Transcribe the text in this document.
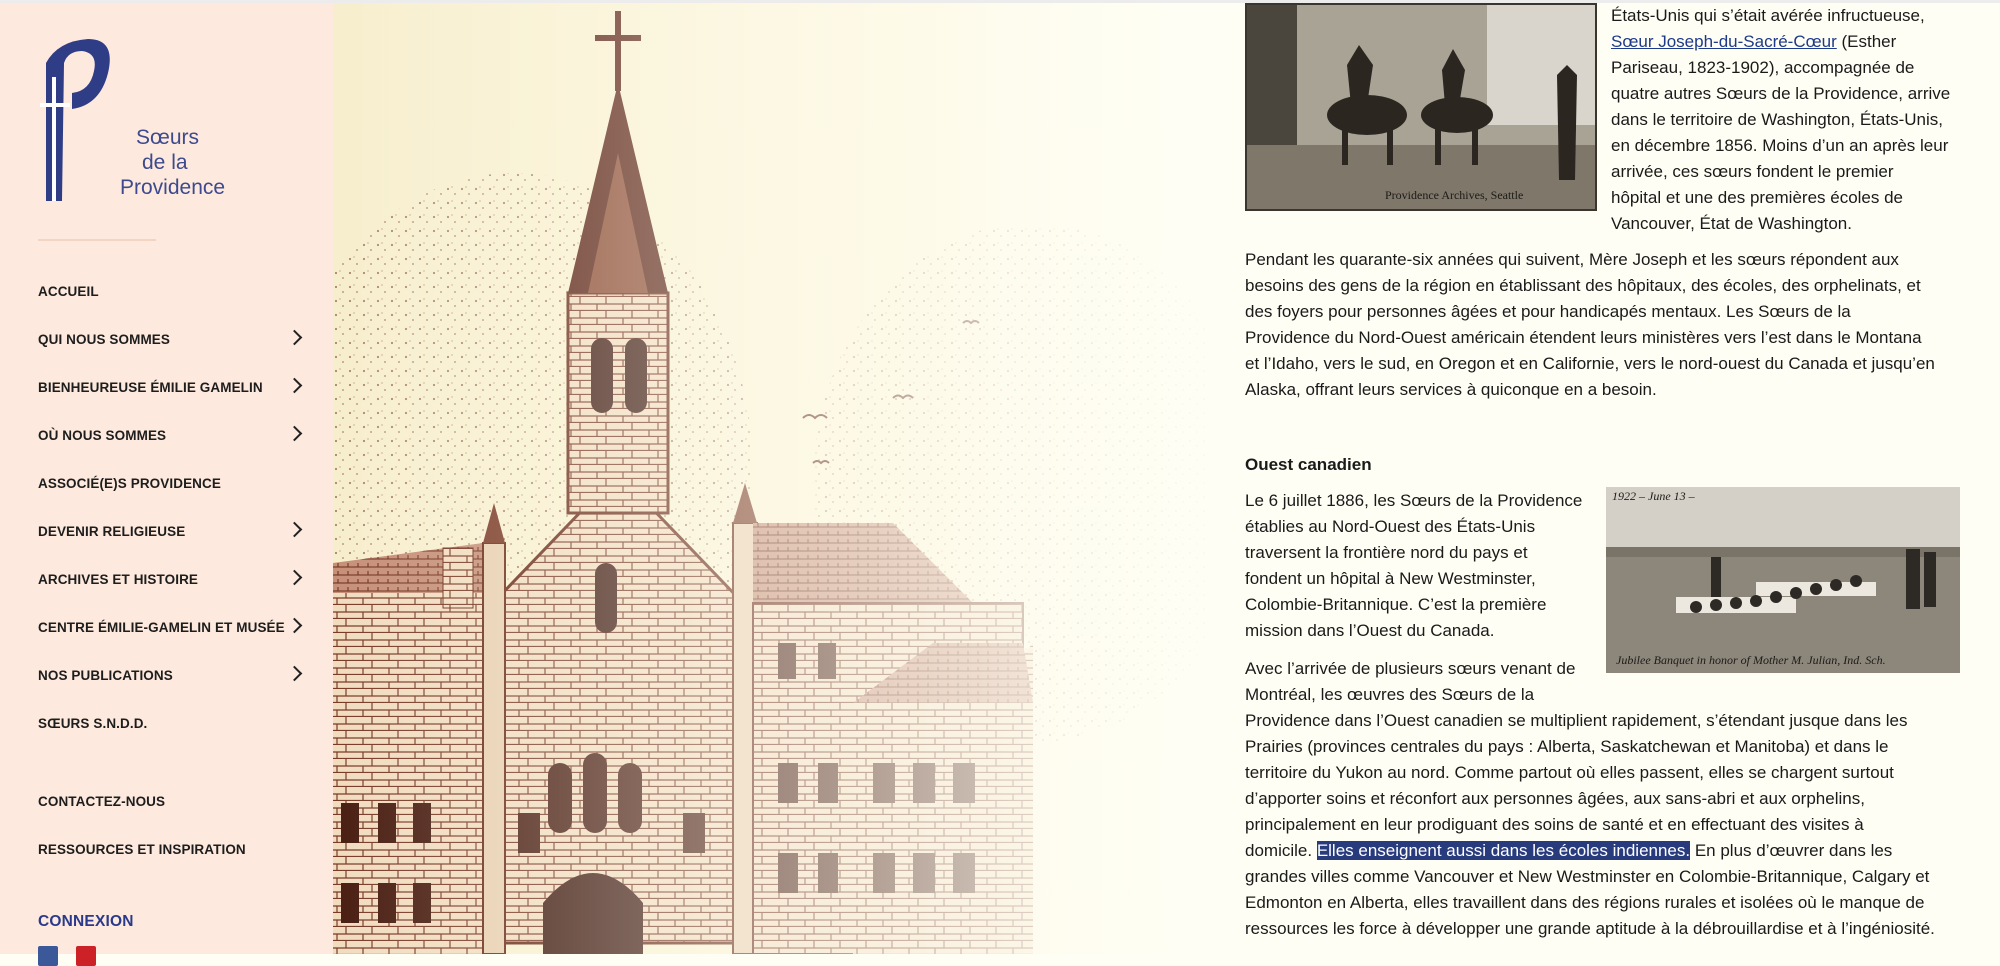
Sœurs
de la
Providence
ACCUEIL
QUI NOUS SOMMES
BIENHEUREUSE ÉMILIE GAMELIN
OÙ NOUS SOMMES
ASSOCIÉ(E)S PROVIDENCE
DEVENIR RELIGIEUSE
ARCHIVES ET HISTOIRE
CENTRE ÉMILIE-GAMELIN ET MUSÉE
NOS PUBLICATIONS
SŒURS S.N.D.D.
CONTACTEZ-NOUS
RESSOURCES ET INSPIRATION
CONNEXION
Providence Archives, Seattle
États-Unis qui s’était avérée infructueuse,
Sœur Joseph-du-Sacré-Cœur (Esther
Pariseau, 1823-1902), accompagnée de
quatre autres Sœurs de la Providence, arrive
dans le territoire de Washington, États-Unis,
en décembre 1856. Moins d’un an après leur
arrivée, ces sœurs fondent le premier
hôpital et une des premières écoles de
Vancouver, État de Washington.
Pendant les quarante-six années qui suivent, Mère Joseph et les sœurs répondent aux
besoins des gens de la région en établissant des hôpitaux, des écoles, des orphelinats, et
des foyers pour personnes âgées et pour handicapés mentaux. Les Sœurs de la
Providence du Nord-Ouest américain étendent leurs ministères vers l’est dans le Montana
et l’Idaho, vers le sud, en Oregon et en Californie, vers le nord-ouest du Canada et jusqu’en
Alaska, offrant leurs services à quiconque en a besoin.
Ouest canadien
1922 – June 13 –
Jubilee Banquet in honor of Mother M. Julian, Ind. Sch.
Le 6 juillet 1886, les Sœurs de la Providence
établies au Nord-Ouest des États-Unis
traversent la frontière nord du pays et
fondent un hôpital à New Westminster,
Colombie-Britannique. C’est la première
mission dans l’Ouest du Canada.
Avec l’arrivée de plusieurs sœurs venant de
Montréal, les œuvres des Sœurs de la
Providence dans l’Ouest canadien se multiplient rapidement, s’étendant jusque dans les
Prairies (provinces centrales du pays : Alberta, Saskatchewan et Manitoba) et dans le
territoire du Yukon au nord. Comme partout où elles passent, elles se chargent surtout
d’apporter soins et réconfort aux personnes âgées, aux sans-abri et aux orphelins,
principalement en leur prodiguant des soins de santé et en effectuant des visites à
domicile. Elles enseignent aussi dans les écoles indiennes. En plus d’œuvrer dans les
grandes villes comme Vancouver et New Westminster en Colombie-Britannique, Calgary et
Edmonton en Alberta, elles travaillent dans des régions rurales et isolées où le manque de
ressources les force à développer une grande aptitude à la débrouillardise et à l’ingéniosité.
